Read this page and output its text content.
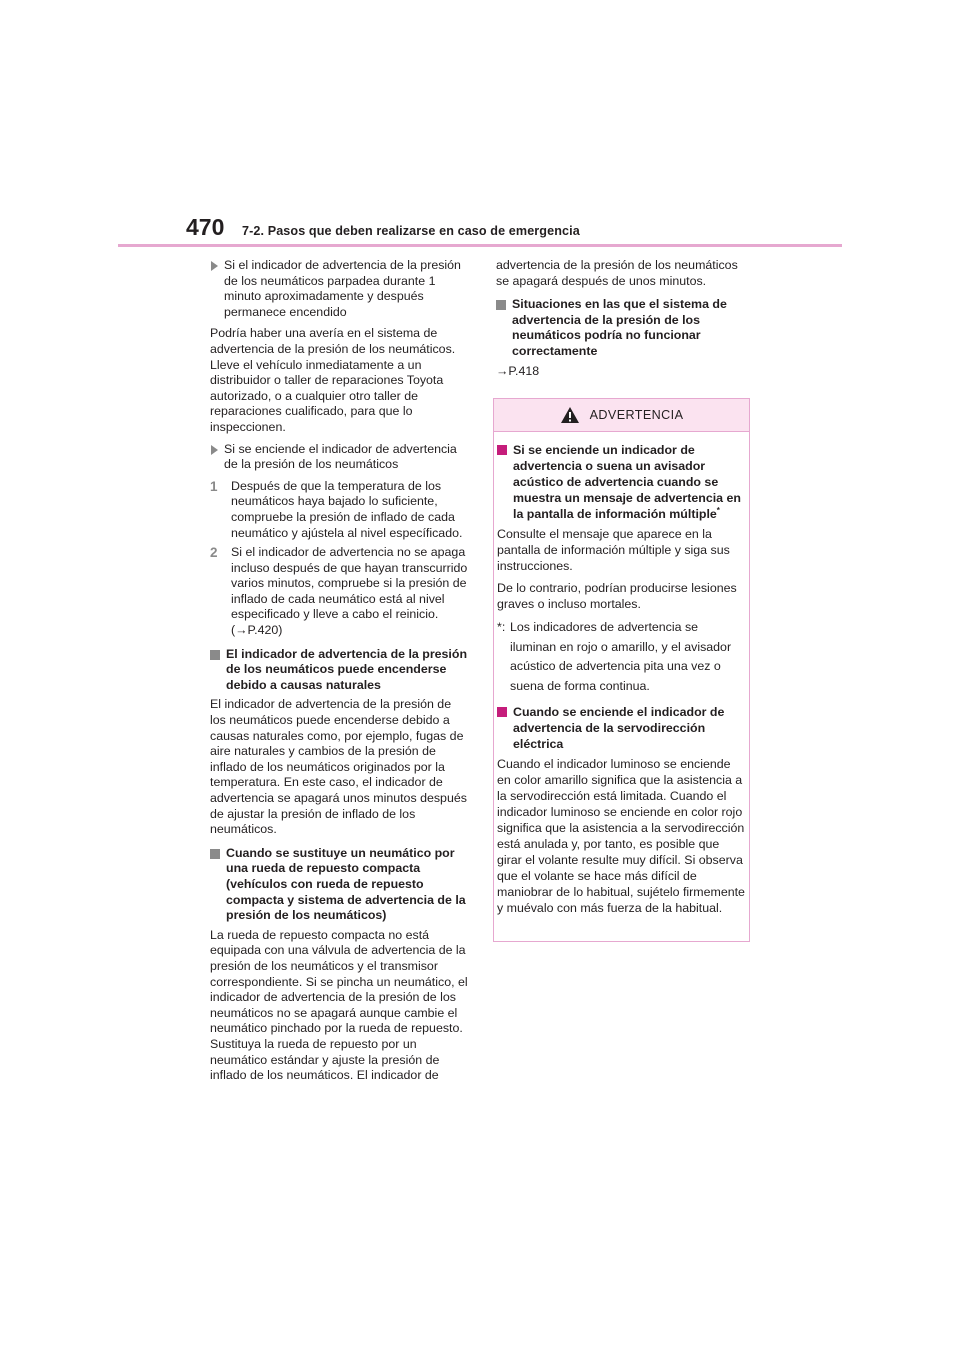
470	7-2. Pasos que deben realizarse en caso de emergencia
Si el indicador de advertencia de la presión de los neumáticos parpadea durante 1 minuto aproximadamente y después permanece encendido

Podría haber una avería en el sistema de advertencia de la presión de los neumáticos. Lleve el vehículo inmediatamente a un distribuidor o taller de reparaciones Toyota autorizado, o a cualquier otro taller de reparaciones cualificado, para que lo inspeccionen.

Si se enciende el indicador de advertencia de la presión de los neumáticos
1 Después de que la temperatura de los neumáticos haya bajado lo suficiente, compruebe la presión de inflado de cada neumático y ajústela al nivel específicado.
2 Si el indicador de advertencia no se apaga incluso después de que hayan transcurrido varios minutos, compruebe si la presión de inflado de cada neumático está al nivel especificado y lleve a cabo el reinicio. (→P.420)
El indicador de advertencia de la presión de los neumáticos puede encenderse debido a causas naturales

El indicador de advertencia de la presión de los neumáticos puede encenderse debido a causas naturales como, por ejemplo, fugas de aire naturales y cambios de la presión de inflado de los neumáticos originados por la temperatura. En este caso, el indicador de advertencia se apagará unos minutos después de ajustar la presión de inflado de los neumáticos.

Cuando se sustituye un neumático por una rueda de repuesto compacta (vehículos con rueda de repuesto compacta y sistema de advertencia de la presión de los neumáticos)

La rueda de repuesto compacta no está equipada con una válvula de advertencia de la presión de los neumáticos y el transmisor correspondiente. Si se pincha un neumático, el indicador de advertencia de la presión de los neumáticos no se apagará aunque cambie el neumático pinchado por la rueda de repuesto. Sustituya la rueda de repuesto por un neumático estándar y ajuste la presión de inflado de los neumáticos. El indicador de

advertencia de la presión de los neumáticos se apagará después de unos minutos.

Situaciones en las que el sistema de advertencia de la presión de los neumáticos podría no funcionar correctamente

→P.418

ADVERTENCIA
Si se enciende un indicador de advertencia o suena un avisador acústico de advertencia cuando se muestra un mensaje de advertencia en la pantalla de información múltiple*

Consulte el mensaje que aparece en la pantalla de información múltiple y siga sus instrucciones.

De lo contrario, podrían producirse lesiones graves o incluso mortales.

*: Los indicadores de advertencia se iluminan en rojo o amarillo, y el avisador acústico de advertencia pita una vez o suena de forma continua.
Cuando se enciende el indicador de advertencia de la servodirección eléctrica

Cuando el indicador luminoso se enciende en color amarillo significa que la asistencia a la servodirección está limitada. Cuando el indicador luminoso se enciende en color rojo significa que la asistencia a la servodirección está anulada y, por tanto, es posible que girar el volante resulte muy difícil. Si observa que el volante se hace más difícil de maniobrar de lo habitual, sujételo firmemente y muévalo con más fuerza de la habitual.
